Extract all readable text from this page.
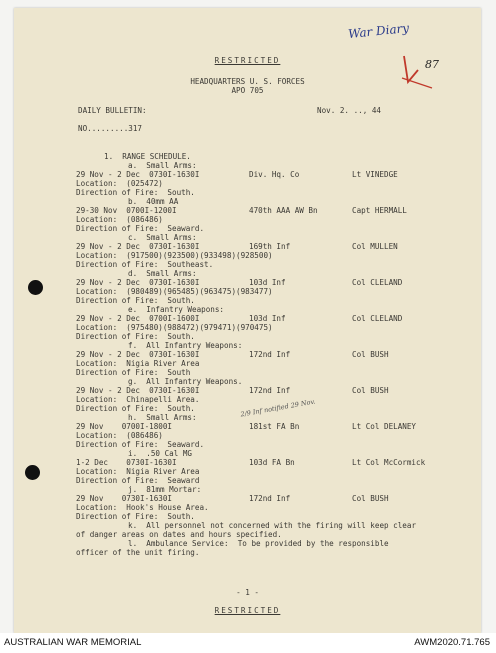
War Diary
87
RESTRICTED
HEADQUARTERS U. S. FORCES
APO 705
DAILY BULLETIN:	Nov. 2. .., 44
NO.........317
1.  RANGE SCHEDULE.
a.  Small Arms:
29 Nov - 2 Dec  0730I-1630I	Div. Hq. Co	Lt VINEDGE
Location:  (025472)
Direction of Fire:  South.
b.  40mm AA
29-30 Nov  0700I-1200I	470th AAA AW Bn	Capt HERMALL
Location:  (086486)
Direction of Fire:  Seaward.
c.  Small Arms:
29 Nov - 2 Dec  0730I-1630I	169th Inf	Col MULLEN
Location:  (917500)(923500)(933498)(928500)
Direction of Fire:  Southeast.
d.  Small Arms:
29 Nov - 2 Dec  0730I-1630I	103d Inf	Col CLELAND
Location:  (980489)(965485)(963475)(983477)
Direction of Fire:  South.
e.  Infantry Weapons:
29 Nov - 2 Dec  0700I-1600I	103d Inf	Col CLELAND
Location:  (975480)(988472)(979471)(970475)
Direction of Fire:  South.
f.  All Infantry Weapons:
29 Nov - 2 Dec  0730I-1630I	172nd Inf	Col BUSH
Location:  Nigia River Area
Direction of Fire:  South
g.  All Infantry Weapons.
29 Nov - 2 Dec  0730I-1630I	172nd Inf	Col BUSH
Location:  Chinapelli Area.
Direction of Fire:  South.
h.  Small Arms:
29 Nov    0700I-1800I	181st FA Bn	Lt Col DELANEY
Location:  (086486)
Direction of Fire:  Seaward.
i.  .50 Cal MG
1-2 Dec    0730I-1630I	103d FA Bn	Lt Col McCormick
Location:  Nigia River Area
Direction of Fire:  Seaward
j.  81mm Mortar:
29 Nov    0730I-1630I	172nd Inf	Col BUSH
Location:  Hook's House Area.
Direction of Fire:  South.
k.  All personnel not concerned with the firing will keep clear
of danger areas on dates and hours specified.
l.  Ambulance Service:  To be provided by the responsible
officer of the unit firing.
2/9 Inf notified 29 Nov.
- 1 -
RESTRICTED
AUSTRALIAN WAR MEMORIAL	AWM2020.71.765
